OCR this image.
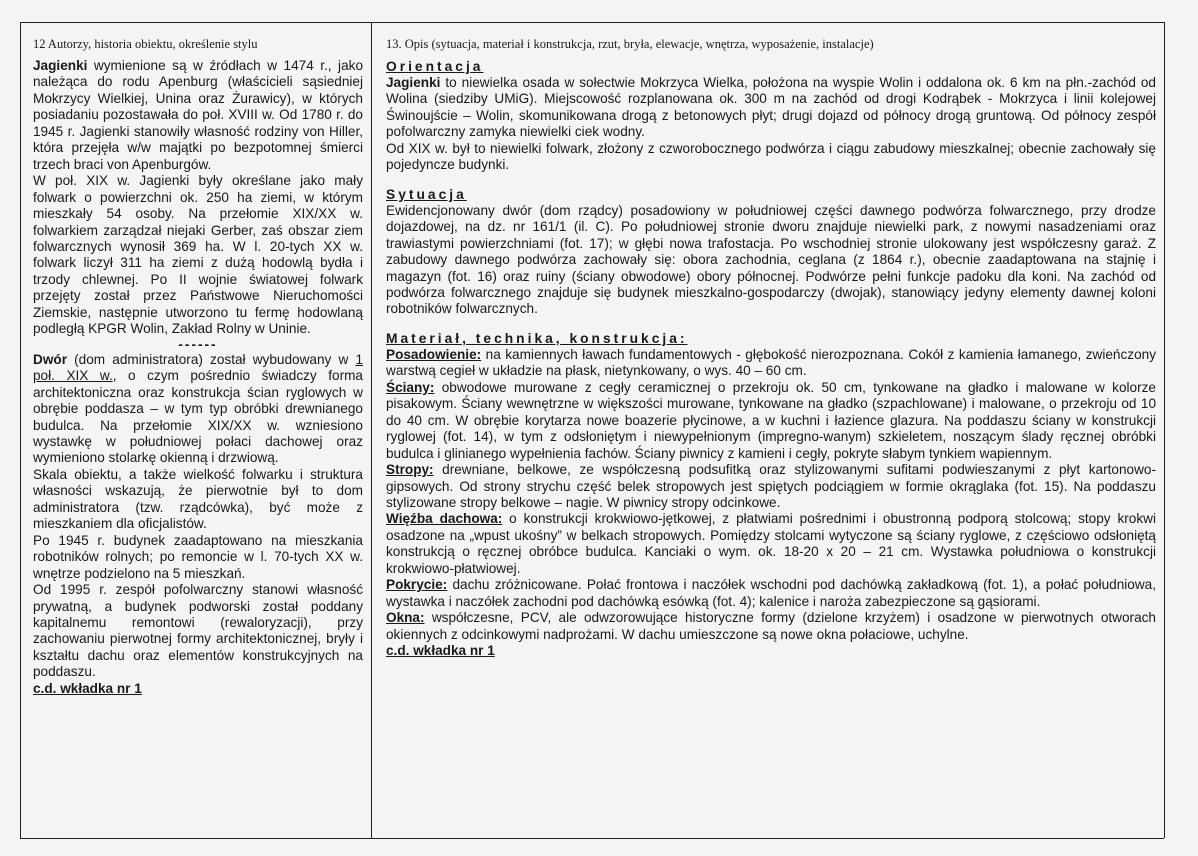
12 Autorzy, historia obiektu, określenie stylu

Jagienki wymienione są w źródłach w 1474 r., jako należąca do rodu Apenburg (właścicieli sąsiedniej Mokrzycy Wielkiej, Unina oraz Żurawicy), w których posiadaniu pozostawała do poł. XVIII w. Od 1780 r. do 1945 r. Jagienki stanowiły własność rodziny von Hiller, która przejęła w/w majątki po bezpotomnej śmierci trzech braci von Apenburgów.

W poł. XIX w. Jagienki były określane jako mały folwark o powierzchni ok. 250 ha ziemi, w którym mieszkały 54 osoby. Na przełomie XIX/XX w. folwarkiem zarządzał niejaki Gerber, zaś obszar ziem folwarcznych wynosił 369 ha. W l. 20-tych XX w. folwark liczył 311 ha ziemi z dużą hodowlą bydła i trzody chlewnej. Po II wojnie światowej folwark przejęty został przez Państwowe Nieruchomości Ziemskie, następnie utworzono tu fermę hodowlaną podległą KPGR Wolin, Zakład Rolny w Uninie.

------

Dwór (dom administratora) został wybudowany w 1 poł. XIX w., o czym pośrednio świadczy forma architektoniczna oraz konstrukcja ścian ryglowych w obrębie poddasza – w tym typ obróbki drewnianego budulca. Na przełomie XIX/XX w. wzniesiono wystawkę w południowej połaci dachowej oraz wymieniono stolarkę okienną i drzwiową.

Skala obiektu, a także wielkość folwarku i struktura własności wskazują, że pierwotnie był to dom administratora (tzw. rządcówka), być może z mieszkaniem dla oficjalistów.

Po 1945 r. budynek zaadaptowano na mieszkania robotników rolnych; po remoncie w l. 70-tych XX w. wnętrze podzielono na 5 mieszkań.

Od 1995 r. zespół pofolwarczny stanowi własność prywatną, a budynek podworski został poddany kapitalnemu remontowi (rewaloryzacji), przy zachowaniu pierwotnej formy architektonicznej, bryły i kształtu dachu oraz elementów konstrukcyjnych na poddaszu.

c.d. wkładka nr 1
13. Opis (sytuacja, materiał i konstrukcja, rzut, bryła, elewacje, wnętrza, wyposażenie, instalacje)
Orientacja

Jagienki to niewielka osada w sołectwie Mokrzyca Wielka, położona na wyspie Wolin i oddalona ok. 6 km na płn.-zachód od Wolina (siedziby UMiG). Miejscowość rozplanowana ok. 300 m na zachód od drogi Kodrąbek - Mokrzyca i linii kolejowej Świnoujście – Wolin, skomunikowana drogą z betonowych płyt; drugi dojazd od północy drogą gruntową. Od północy zespół pofolwarczny zamyka niewielki ciek wodny.

Od XIX w. był to niewielki folwark, złożony z czworobocznego podwórza i ciągu zabudowy mieszkalnej; obecnie zachowały się pojedyncze budynki.

Sytuacja

Ewidencjonowany dwór (dom rządcy) posadowiony w południowej części dawnego podwórza folwarcznego, przy drodze dojazdowej, na dz. nr 161/1 (il. C). Po południowej stronie dworu znajduje niewielki park, z nowymi nasadzeniami oraz trawiastymi powierzchniami (fot. 17); w głębi nowa trafostacja. Po wschodniej stronie ulokowany jest współczesny garaż. Z zabudowy dawnego podwórza zachowały się: obora zachodnia, ceglana (z 1864 r.), obecnie zaadaptowana na stajnię i magazyn (fot. 16) oraz ruiny (ściany obwodowe) obory północnej. Podwórze pełni funkcje padoku dla koni. Na zachód od podwórza folwarcznego znajduje się budynek mieszkalno-gospodarczy (dwojak), stanowiący jedyny elementy dawnej koloni robotników folwarcznych.

Materiał, technika, konstrukcja:

Posadowienie: na kamiennych ławach fundamentowych - głębokość nierozpoznana. Cokół z kamienia łamanego, zwieńczony warstwą cegieł w układzie na płask, nietynkowany, o wys. 40 – 60 cm.

Ściany: obwodowe murowane z cegły ceramicznej o przekroju ok. 50 cm, tynkowane na gładko i malowane w kolorze pisakowym. Ściany wewnętrzne w większości murowane, tynkowane na gładko (szpachlowane) i malowane, o przekroju od 10 do 40 cm. W obrębie korytarza nowe boazerie płycinowe, a w kuchni i łazience glazura. Na poddaszu ściany w konstrukcji ryglowej (fot. 14), w tym z odsłoniętym i niewypełnionym (impregno-wanym) szkieletem, noszącym ślady ręcznej obróbki budulca i glinianego wypełnienia fachów. Ściany piwnicy z kamieni i cegły, pokryte słabym tynkiem wapiennym.

Stropy: drewniane, belkowe, ze współczesną podsufitką oraz stylizowanymi sufitami podwieszanymi z płyt kartonowo-gipsowych. Od strony strychu część belek stropowych jest spiętych podciągiem w formie okrąglaka (fot. 15). Na poddaszu stylizowane stropy belkowe – nagie. W piwnicy stropy odcinkowe.

Więźba dachowa: o konstrukcji krokwiowo-jętkowej, z płatwiami pośrednimi i obustronną podporą stolcową; stopy krokwi osadzone na „wpust ukośny” w belkach stropowych. Pomiędzy stolcami wytyczone są ściany ryglowe, z częściowo odsłoniętą konstrukcją o ręcznej obróbce budulca. Kanciaki o wym. ok. 18-20 x 20 – 21 cm. Wystawka południowa o konstrukcji krokwiowo-płatwiowej.

Pokrycie: dachu zróżnicowane. Połać frontowa i naczółek wschodni pod dachówką zakładkową (fot. 1), a połać południowa, wystawka i naczółek zachodni pod dachówką esówką (fot. 4); kalenice i naroża zabezpieczone są gąsiorami.

Okna: współczesne, PCV, ale odwzorowujące historyczne formy (dzielone krzyżem) i osadzone w pierwotnych otworach okiennych z odcinkowymi nadprożami. W dachu umieszczone są nowe okna połaciowe, uchylne.

c.d. wkładka nr 1
